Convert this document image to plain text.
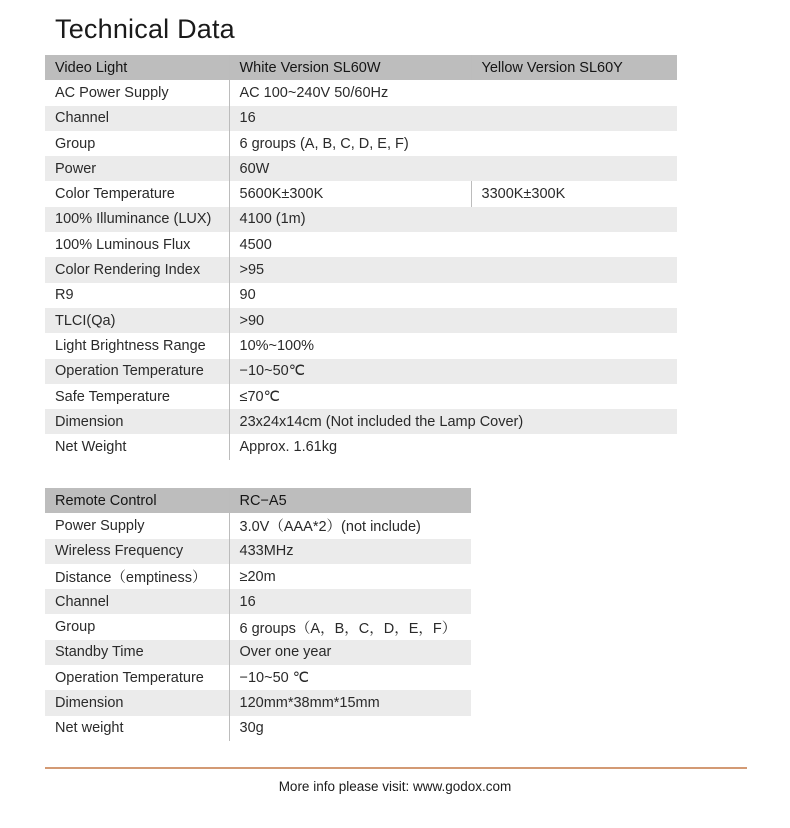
Technical Data
Video Light	White Version SL60W	Yellow Version SL60Y
AC Power Supply	AC 100~240V 50/60Hz	
Channel	16	
Group	6 groups (A, B, C, D, E, F)	
Power	60W	
Color Temperature	5600K±300K	3300K±300K
100% Illuminance (LUX)	4100 (1m)	
100% Luminous Flux	4500	
Color Rendering Index	>95	
R9	90	
TLCI(Qa)	>90	
Light Brightness Range	10%~100%	
Operation Temperature	−10~50℃	
Safe Temperature	≤70℃	
Dimension	23x24x14cm (Not included the Lamp Cover)	
Net Weight	Approx. 1.61kg	
Remote Control	RC−A5
Power Supply	3.0V（AAA*2）(not include)
Wireless Frequency	433MHz
Distance（emptiness）	≥20m
Channel	16
Group	6 groups（A，B，C，D，E，F）
Standby Time	Over one year
Operation Temperature	−10~50 ℃
Dimension	120mm*38mm*15mm
Net weight	30g
More info please visit: www.godox.com
